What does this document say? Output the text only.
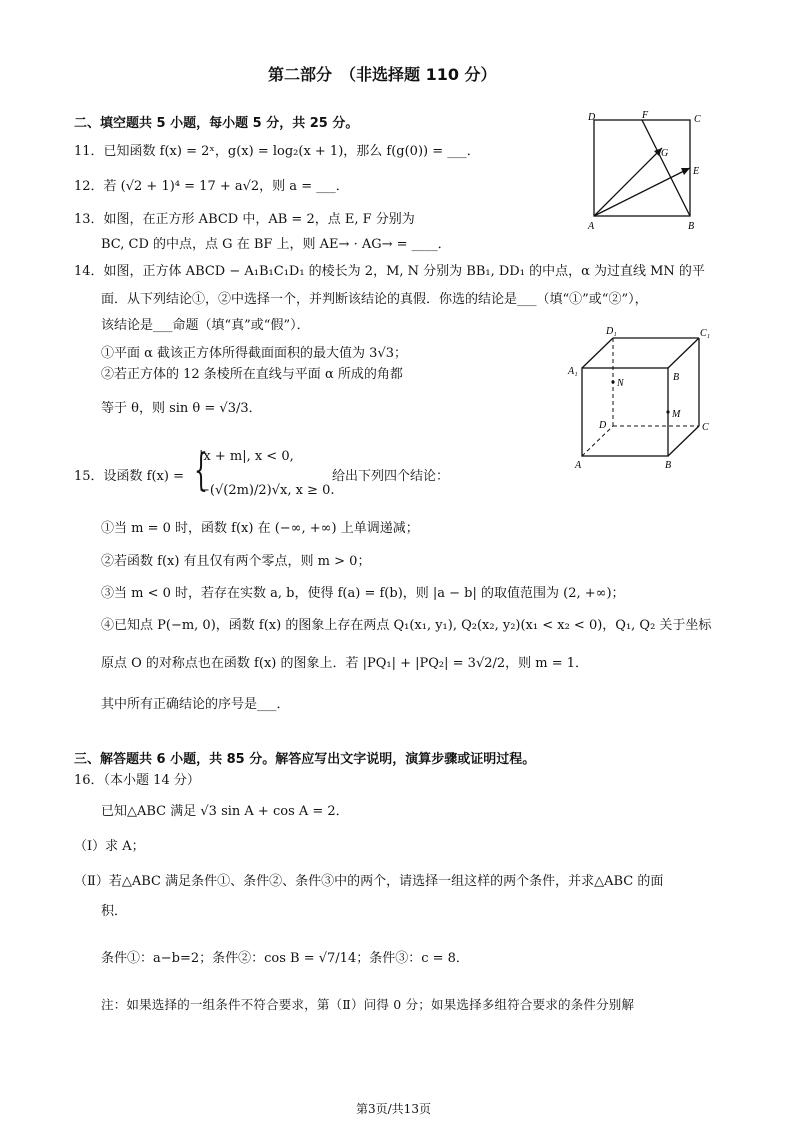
第二部分　（非选择题 110 分）
二、填空题共 5 小题，每小题 5 分，共 25 分。
11．已知函数 f(x) = 2ˣ，g(x) = log₂(x + 1)，那么 f(g(0)) = ___．
12．若 (√2 + 1)⁴ = 17 + a√2，则 a = ___．
13．如图，在正方形 ABCD 中，AB = 2，点 E, F 分别为
BC, CD 的中点，点 G 在 BF 上，则 AE→ · AG→ = ____．
D	C
F
G
E
A	B
14．如图，正方体 ABCD − A₁B₁C₁D₁ 的棱长为 2，M, N 分别为 BB₁, DD₁ 的中点，α 为过直线 MN 的平
面．从下列结论①，②中选择一个，并判断该结论的真假．你选的结论是___（填“①”或“②”），
该结论是___命题（填“真”或“假”）．
①平面 α 截该正方体所得截面面积的最大值为 3√3；
②若正方体的 12 条棱所在直线与平面 α 所成的角都
等于 θ，则 sin θ = √3/3．
D₁	C₁
A₁
B
N
M
D	C
A	B
15．设函数 f(x) = {
|x + m|, x < 0,
−(√(2m)/2)√x, x ≥ 0.
给出下列四个结论：
①当 m = 0 时，函数 f(x) 在 (−∞, +∞) 上单调递减；
②若函数 f(x) 有且仅有两个零点，则 m > 0；
③当 m < 0 时，若存在实数 a, b，使得 f(a) = f(b)，则 |a − b| 的取值范围为 (2, +∞)；
④已知点 P(−m, 0)，函数 f(x) 的图象上存在两点 Q₁(x₁, y₁), Q₂(x₂, y₂)(x₁ < x₂ < 0)，Q₁, Q₂ 关于坐标
原点 O 的对称点也在函数 f(x) 的图象上．若 |PQ₁| + |PQ₂| = 3√2/2，则 m = 1．
其中所有正确结论的序号是___．
三、解答题共 6 小题，共 85 分。解答应写出文字说明，演算步骤或证明过程。
16．（本小题 14 分）
已知△ABC 满足 √3 sin A + cos A = 2．
（Ⅰ）求 A；
（Ⅱ）若△ABC 满足条件①、条件②、条件③中的两个，请选择一组这样的两个条件，并求△ABC 的面
积．
条件①：a−b=2；条件②：cos B = √7/14；条件③：c = 8．
注：如果选择的一组条件不符合要求，第（Ⅱ）问得 0 分；如果选择多组符合要求的条件分别解
第3页/共13页
